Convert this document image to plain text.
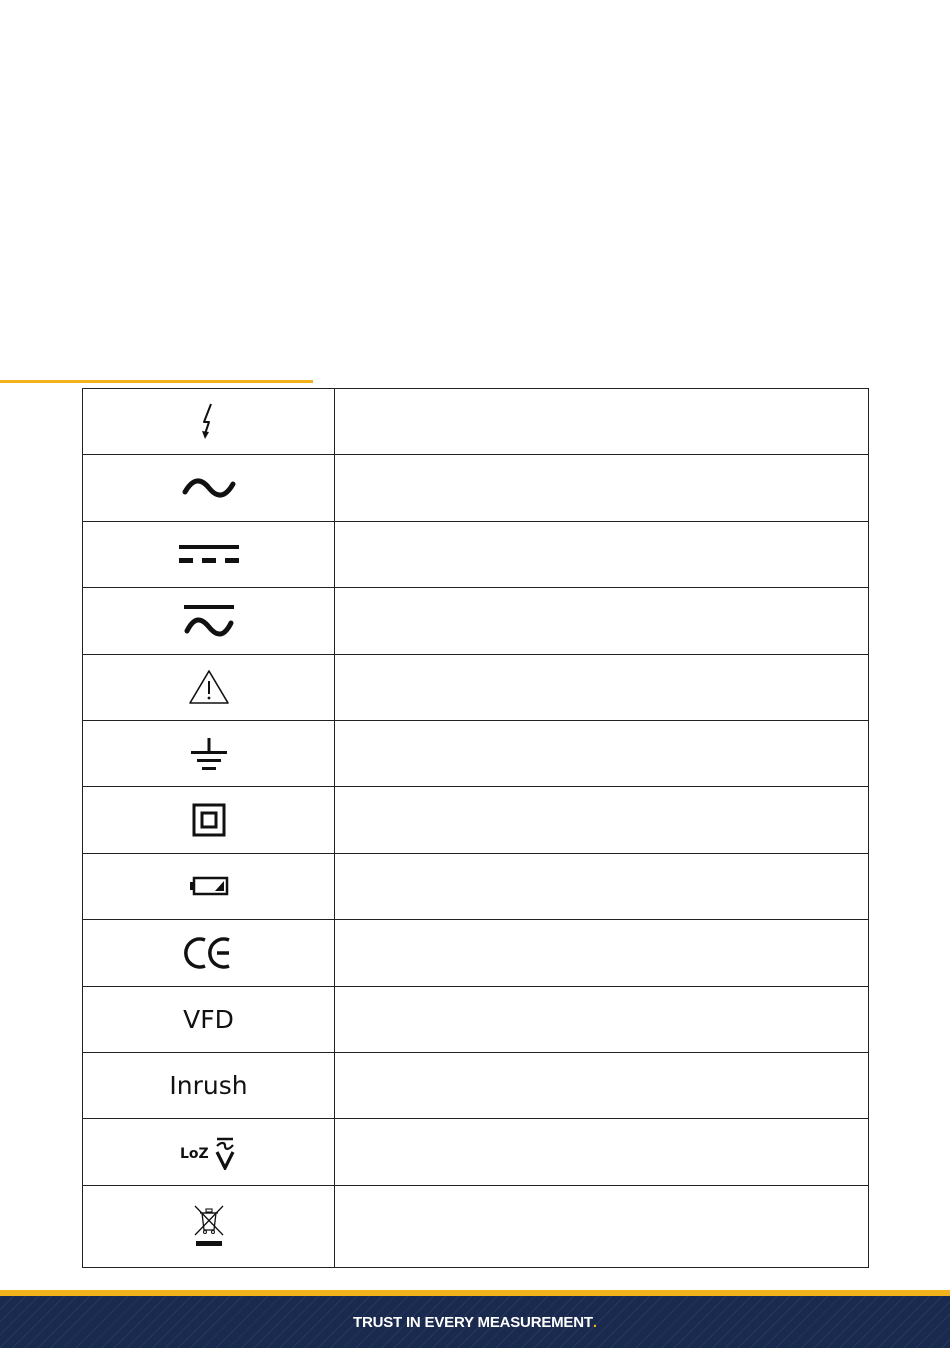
VFD	
Inrush	

LoZ	

TRUST IN EVERY MEASUREMENT .
